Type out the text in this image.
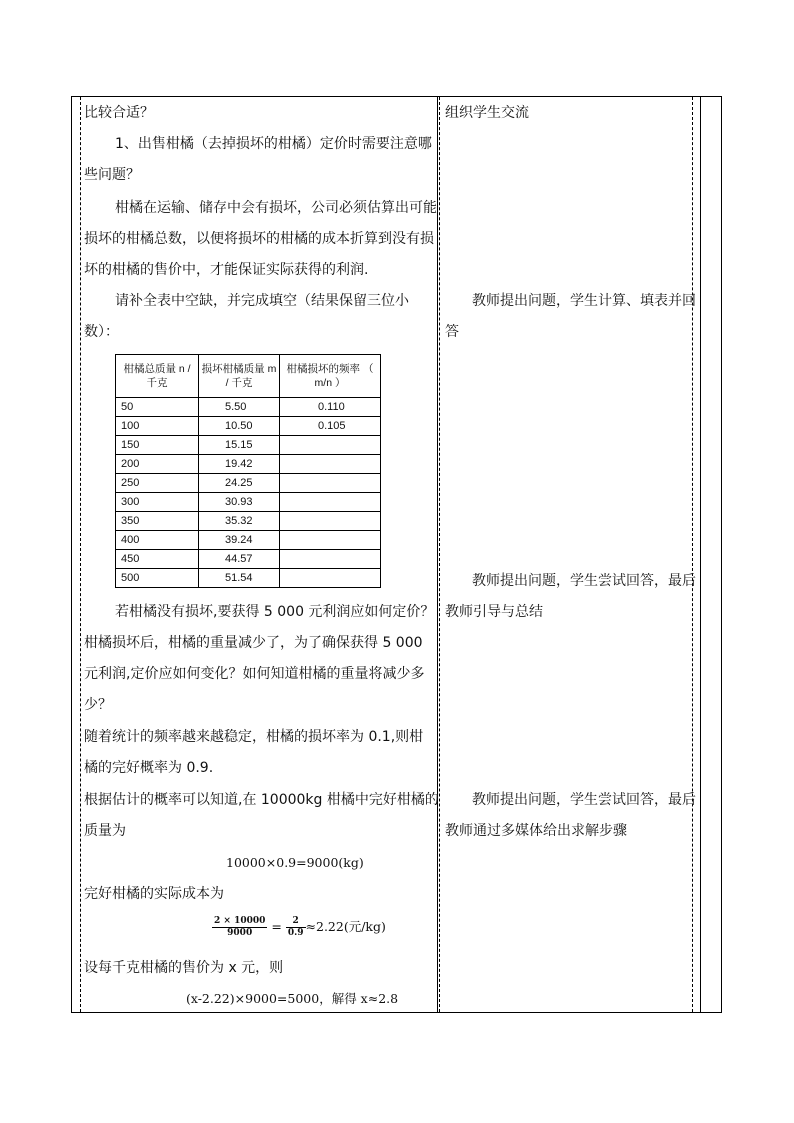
比较合适？
1、出售柑橘（去掉损坏的柑橘）定价时需要注意哪
些问题？
柑橘在运输、储存中会有损坏，公司必须估算出可能
损坏的柑橘总数，以便将损坏的柑橘的成本折算到没有损
坏的柑橘的售价中，才能保证实际获得的利润.
请补全表中空缺，并完成填空（结果保留三位小
数）：
柑橘总质量 n / 千克	损坏柑橘质量 m / 千克	柑橘损坏的频率 （ m/n ）
50	5.50	0.110
100	10.50	0.105
150	15.15	
200	19.42	
250	24.25	
300	30.93	
350	35.32	
400	39.24	
450	44.57	
500	51.54	
若柑橘没有损坏,要获得 5 000 元利润应如何定价？
柑橘损坏后，柑橘的重量减少了，为了确保获得 5 000
元利润,定价应如何变化？如何知道柑橘的重量将减少多
少？
随着统计的频率越来越稳定，柑橘的损坏率为 0.1,则柑
橘的完好概率为 0.9.
根据估计的概率可以知道,在 10000kg 柑橘中完好柑橘的
质量为
10000×0.9=9000(kg)
完好柑橘的实际成本为
$\frac{2 \times 10000}{9000} = \frac{2}{0.9} \approx 2.22$(元/kg)
设每千克柑橘的售价为 x 元，则
(x-2.22)×9000=5000，解得 x≈2.8
组织学生交流
教师提出问题，学生计算、填表并回
答
教师提出问题，学生尝试回答，最后
教师引导与总结
教师提出问题，学生尝试回答，最后
教师通过多媒体给出求解步骤
